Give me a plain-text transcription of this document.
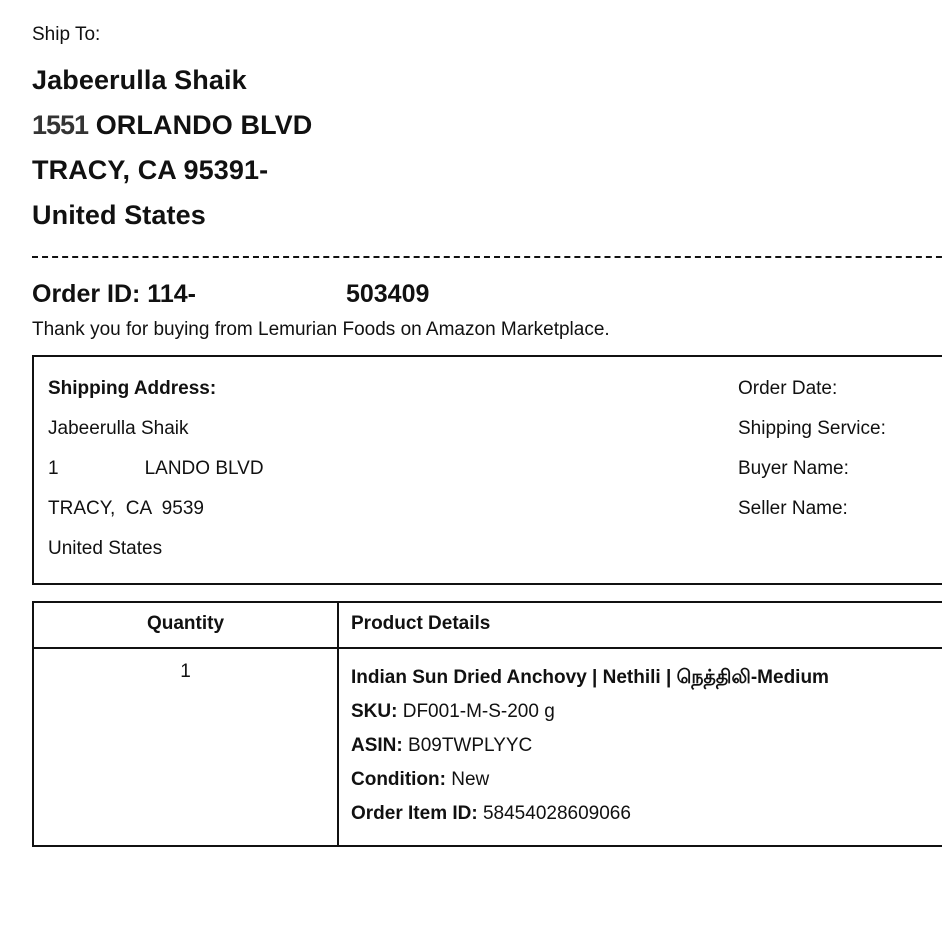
Ship To:
Jabeerulla Shaik
1551 ORLANDO BLVD
TRACY, CA 95391-
United States
Order ID: 114-	503409
Thank you for buying from Lemurian Foods on Amazon Marketplace.
Shipping Address:
Jabeerulla Shaik
1	LANDO BLVD
TRACY,  CA  9539
United States
Order Date:
Shipping Service:
Buyer Name:
Seller Name:
Quantity	Product Details
1	Indian Sun Dried Anchovy | Nethili | நெத்திலி-Medium
SKU: DF001-M-S-200 g
ASIN: B09TWPLYYC
Condition: New
Order Item ID: 58454028609066
